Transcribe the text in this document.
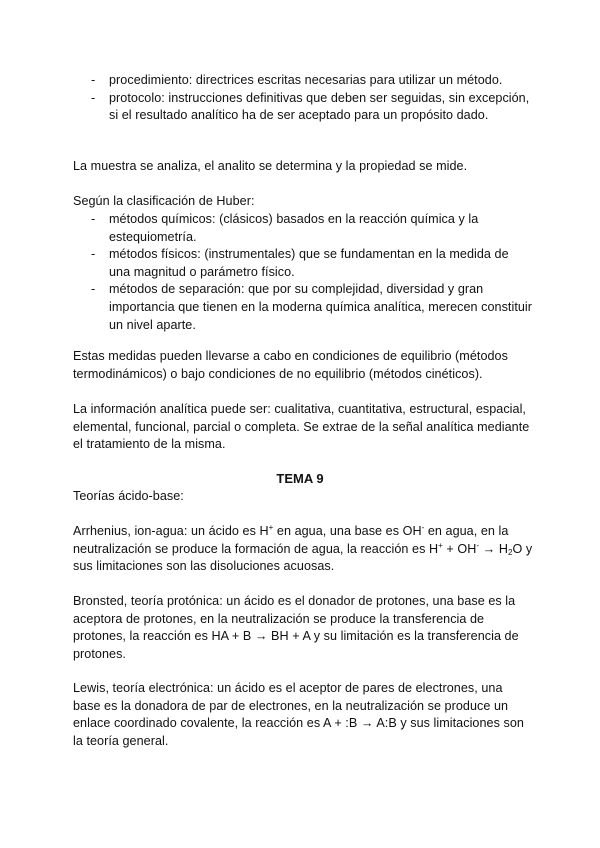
- procedimiento: directrices escritas necesarias para utilizar un método.
- protocolo: instrucciones definitivas que deben ser seguidas, sin excepción, si el resultado analítico ha de ser aceptado para un propósito dado.

La muestra se analiza, el analito se determina y la propiedad se mide.

Según la clasificación de Huber:

- métodos químicos: (clásicos) basados en la reacción química y la estequiometría.
- métodos físicos: (instrumentales) que se fundamentan en la medida de una magnitud o parámetro físico.
- métodos de separación: que por su complejidad, diversidad y gran importancia que tienen en la moderna química analítica, merecen constituir un nivel aparte.

Estas medidas pueden llevarse a cabo en condiciones de equilibrio (métodos termodinámicos) o bajo condiciones de no equilibrio (métodos cinéticos).

La información analítica puede ser: cualitativa, cuantitativa, estructural, espacial, elemental, funcional, parcial o completa. Se extrae de la señal analítica mediante el tratamiento de la misma.

TEMA 9

Teorías ácido-base:

Arrhenius, ion-agua: un ácido es H+ en agua, una base es OH- en agua, en la neutralización se produce la formación de agua, la reacción es $H^+ + OH^- \to H_2O$ y sus limitaciones son las disoluciones acuosas.

Bronsted, teoría protónica: un ácido es el donador de protones, una base es la aceptora de protones, en la neutralización se produce la transferencia de protones, la reacción es HA + B → BH + A y su limitación es la transferencia de protones.

Lewis, teoría electrónica: un ácido es el aceptor de pares de electrones, una base es la donadora de par de electrones, en la neutralización se produce un enlace coordinado covalente, la reacción es A + :B → A:B y sus limitaciones son la teoría general.
